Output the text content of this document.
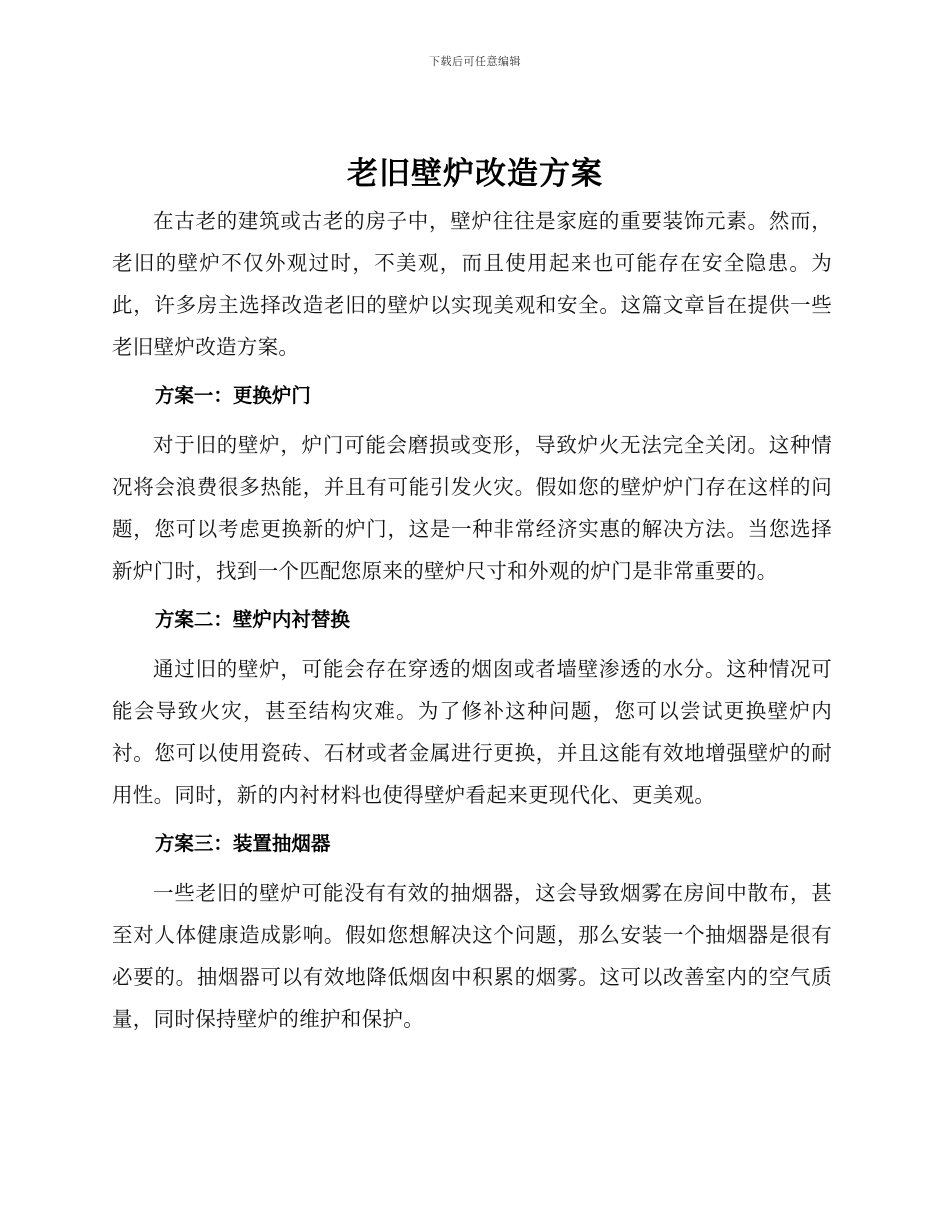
下载后可任意编辑
老旧壁炉改造方案

在古老的建筑或古老的房子中，壁炉往往是家庭的重要装饰元素。然而，老旧的壁炉不仅外观过时，不美观，而且使用起来也可能存在安全隐患。为此，许多房主选择改造老旧的壁炉以实现美观和安全。这篇文章旨在提供一些老旧壁炉改造方案。

方案一：更换炉门

对于旧的壁炉，炉门可能会磨损或变形，导致炉火无法完全关闭。这种情况将会浪费很多热能，并且有可能引发火灾。假如您的壁炉炉门存在这样的问题，您可以考虑更换新的炉门，这是一种非常经济实惠的解决方法。当您选择新炉门时，找到一个匹配您原来的壁炉尺寸和外观的炉门是非常重要的。

方案二：壁炉内衬替换

通过旧的壁炉，可能会存在穿透的烟囱或者墙壁渗透的水分。这种情况可能会导致火灾，甚至结构灾难。为了修补这种问题，您可以尝试更换壁炉内衬。您可以使用瓷砖、石材或者金属进行更换，并且这能有效地增强壁炉的耐用性。同时，新的内衬材料也使得壁炉看起来更现代化、更美观。

方案三：装置抽烟器

一些老旧的壁炉可能没有有效的抽烟器，这会导致烟雾在房间中散布，甚至对人体健康造成影响。假如您想解决这个问题，那么安装一个抽烟器是很有必要的。抽烟器可以有效地降低烟囱中积累的烟雾。这可以改善室内的空气质量，同时保持壁炉的维护和保护。
